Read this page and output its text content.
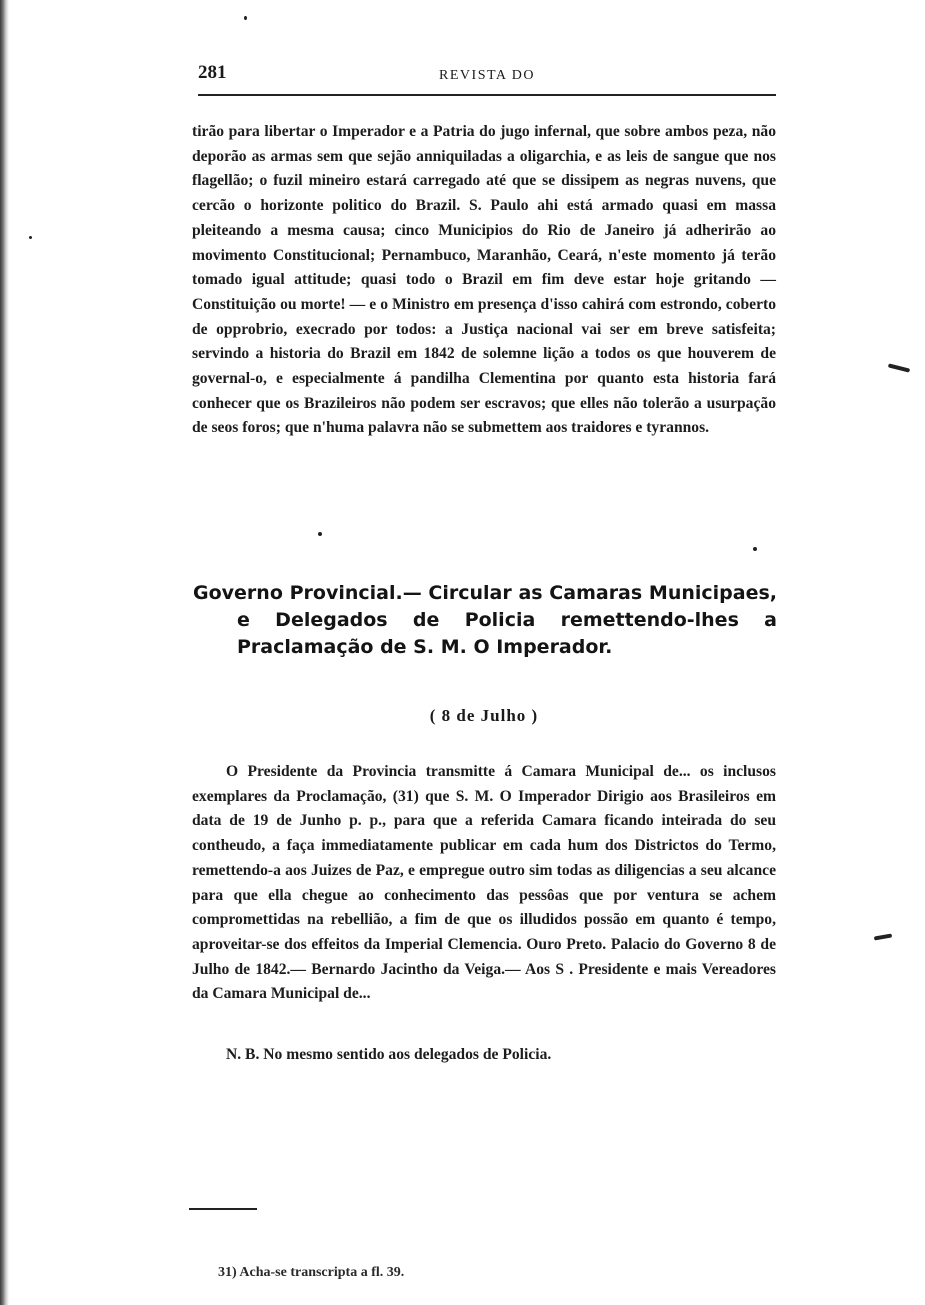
281	REVISTA DO

tirão para libertar o Imperador e a Patria do jugo infernal, que sobre ambos peza, não deporão as armas sem que sejão anniquiladas a oligarchia, e as leis de sangue que nos flagellão; o fuzil mineiro estará carregado até que se dissipem as negras nuvens, que cercão o horizonte politico do Brazil. S. Paulo ahi está armado quasi em massa pleiteando a mesma causa; cinco Municipios do Rio de Janeiro já adherirão ao movimento Constitucional; Pernambuco, Maranhão, Ceará, n'este momento já terão tomado igual attitude; quasi todo o Brazil em fim deve estar hoje gritando — Constituição ou morte! — e o Ministro em presença d'isso cahirá com estrondo, coberto de opprobrio, execrado por todos: a Justiça nacional vai ser em breve satisfeita; servindo a historia do Brazil em 1842 de solemne lição a todos os que houverem de governal-o, e especialmente á pandilha Clementina por quanto esta historia fará conhecer que os Brazileiros não podem ser escravos; que elles não tolerão a usurpação de seos foros; que n'huma palavra não se submettem aos traidores e tyrannos.

Governo Provincial.— Circular as Camaras Municipaes, e Delegados de Policia remettendo-lhes a Praclamação de S. M. O Imperador.

( 8 de Julho )

O Presidente da Provincia transmitte á Camara Municipal de... os inclusos exemplares da Proclamação, (31) que S. M. O Imperador Dirigio aos Brasileiros em data de 19 de Junho p. p., para que a referida Camara ficando inteirada do seu contheudo, a faça immediatamente publicar em cada hum dos Districtos do Termo, remettendo-a aos Juizes de Paz, e empregue outro sim todas as diligencias a seu alcance para que ella chegue ao conhecimento das pessôas que por ventura se achem compromettidas na rebellião, a fim de que os illudidos possão em quanto é tempo, aproveitar-se dos effeitos da Imperial Clemencia. Ouro Preto. Palacio do Governo 8 de Julho de 1842.— Bernardo Jacintho da Veiga.— Aos S . Presidente e mais Vereadores da Camara Municipal de...

N. B. No mesmo sentido aos delegados de Policia.

31) Acha-se transcripta a fl. 39.
